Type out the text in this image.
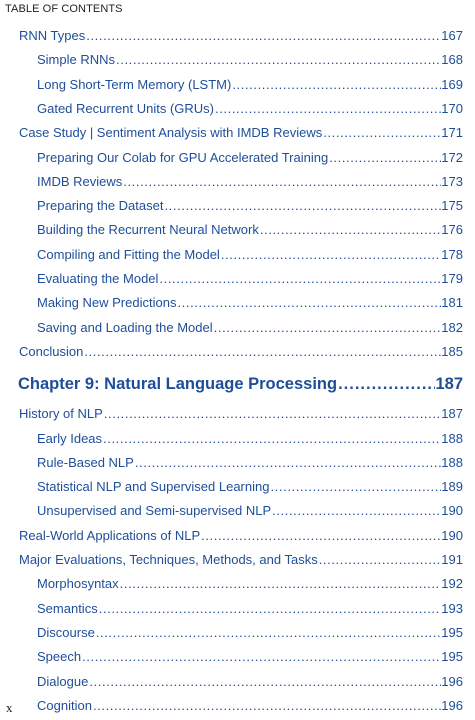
TABLE OF CONTENTS
RNN Types .....	167
Simple RNNs .....	168
Long Short-Term Memory (LSTM) .....	169
Gated Recurrent Units (GRUs) .....	170
Case Study | Sentiment Analysis with IMDB Reviews .....	171
Preparing Our Colab for GPU Accelerated Training .....	172
IMDB Reviews .....	173
Preparing the Dataset .....	175
Building the Recurrent Neural Network .....	176
Compiling and Fitting the Model .....	178
Evaluating the Model .....	179
Making New Predictions .....	181
Saving and Loading the Model .....	182
Conclusion .....	185
Chapter 9: Natural Language Processing .....	187
History of NLP .....	187
Early Ideas .....	188
Rule-Based NLP .....	188
Statistical NLP and Supervised Learning .....	189
Unsupervised and Semi-supervised NLP .....	190
Real-World Applications of NLP .....	190
Major Evaluations, Techniques, Methods, and Tasks .....	191
Morphosyntax .....	192
Semantics .....	193
Discourse .....	195
Speech .....	195
Dialogue .....	196
Cognition .....	196
x
